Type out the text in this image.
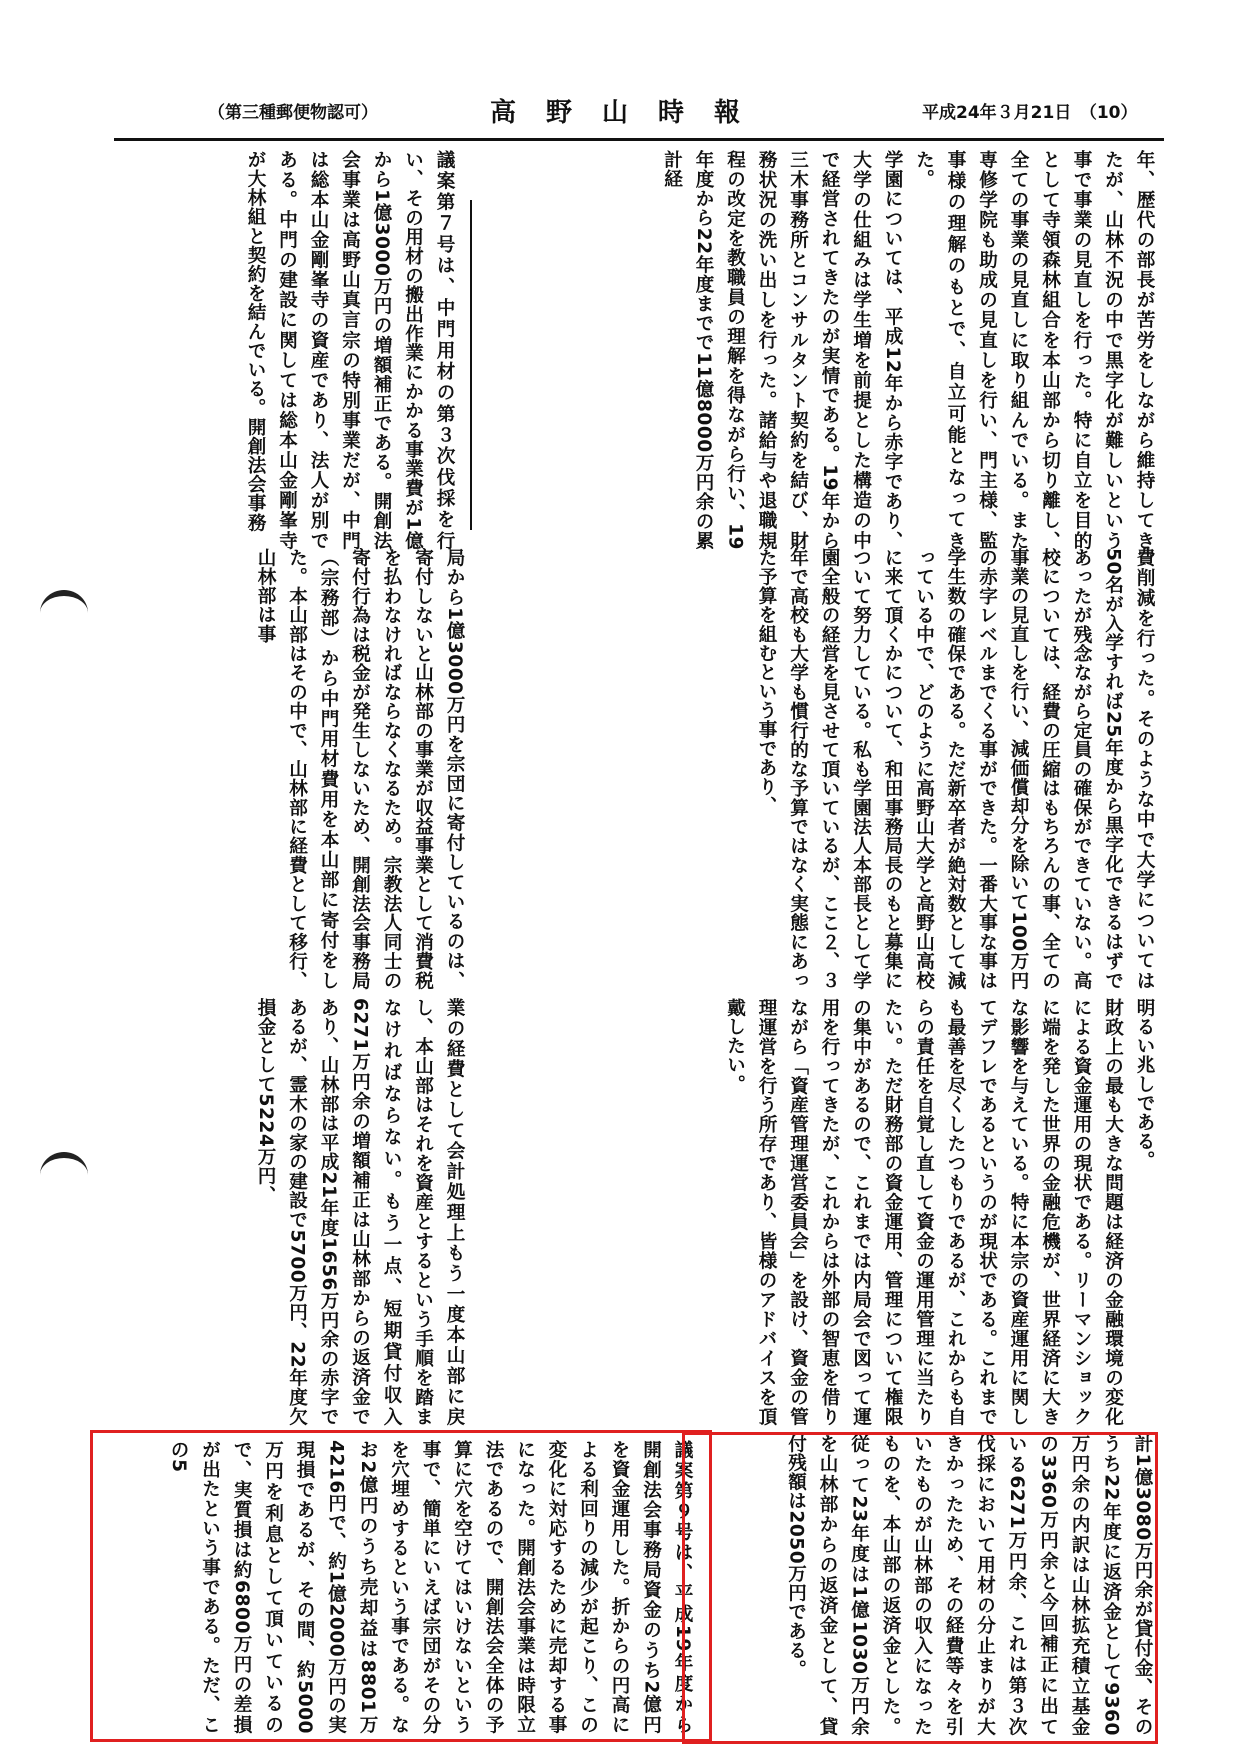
（第三種郵便物認可）	高野山時報	平成24年３月21日　（10）

年、歴代の部長が苦労をしながら維持してきたが、山林不況の中で黒字化が難しいという事で事業の見直しを行った。特に自立を目的として寺領森林組合を本山部から切り離し、全ての事業の見直しに取り組んでいる。また専修学院も助成の見直しを行い、門主様、監事様の理解のもとで、自立可能となってきた。

学園については、平成12年から赤字であり、大学の仕組みは学生増を前提とした構造の中で経営されてきたのが実情である。19年から三木事務所とコンサルタント契約を結び、財務状況の洗い出しを行った。諸給与や退職規程の改定を教職員の理解を得ながら行い、19年度から22年度までで11億8000万円余の累計経

議案第７号は、中門用材の第３次伐採を行い、その用材の搬出作業にかかる事業費が1億から1億3000万円の増額補正である。開創法会事業は高野山真言宗の特別事業だが、中門は総本山金剛峯寺の資産であり、法人が別である。中門の建設に関しては総本山金剛峯寺が大林組と契約を結んでいる。開創法会事務

費削減を行った。そのような中で大学については50名が入学すれば25年度から黒字化できるはずであったが残念ながら定員の確保ができていない。高校については、経費の圧縮はもちろんの事、全ての事業の見直しを行い、減価償却分を除いて100万円の赤字レベルまでくる事ができた。一番大事な事は学生数の確保である。ただ新卒者が絶対数として減っている中で、どのように高野山大学と高野山高校に来て頂くかについて、和田事務局長のもと募集について努力している。私も学園法人本部長として学園全般の経営を見させて頂いているが、ここ２、３年で高校も大学も慣行的な予算ではなく実態にあった予算を組むという事であり、

局から1億3000万円を宗団に寄付しているのは、寄付しないと山林部の事業が収益事業として消費税を払わなければならなくなるため。宗教法人同士の寄付行為は税金が発生しないため、開創法会事務局（宗務部）から中門用材費用を本山部に寄付をした。本山部はその中で、山林部に経費として移行、山林部は事

明るい兆しである。

財政上の最も大きな問題は経済の金融環境の変化による資金運用の現状である。リーマンショックに端を発した世界の金融危機が、世界経済に大きな影響を与えている。特に本宗の資産運用に関してデフレであるというのが現状である。これまでも最善を尽くしたつもりであるが、これからも自らの責任を自覚し直して資金の運用管理に当たりたい。ただ財務部の資金運用、管理について権限の集中があるので、これまでは内局会で図って運用を行ってきたが、これからは外部の智恵を借りながら「資産管理運営委員会」を設け、資金の管理運営を行う所存であり、皆様のアドバイスを頂戴したい。

業の経費として会計処理上もう一度本山部に戻し、本山部はそれを資産とするという手順を踏まなければならない。もう一点、短期貸付収入6271万円余の増額補正は山林部からの返済金であり、山林部は平成21年度1656万円余の赤字であるが、霊木の家の建設で5700万円、22年度欠損金として5224万円、

計1億3080万円余が貸付金、そのうち22年度に返済金として9360万円余の内訳は山林拡充積立基金の3360万円余と今回補正に出ている6271万円余、これは第３次伐採において用材の分止まりが大きかったため、その経費等々を引いたものが山林部の収入になったものを、本山部の返済金とした。従って23年度は1億1030万円余を山林部からの返済金として、貸付残額は2050万円である。

議案第９号は、平成19年度から開創法会事務局資金のうち2億円を資金運用した。折からの円高による利回りの減少が起こり、この変化に対応するために売却する事になった。開創法会事業は時限立法であるので、開創法会全体の予算に穴を空けてはいけないという事で、簡単にいえば宗団がその分を穴埋めするという事である。なお2億円のうち売却益は8801万4216円で、約1億2000万円の実現損であるが、その間、約5000万円を利息として頂いているので、実質損は約6800万円の差損が出たという事である。ただ、この5
